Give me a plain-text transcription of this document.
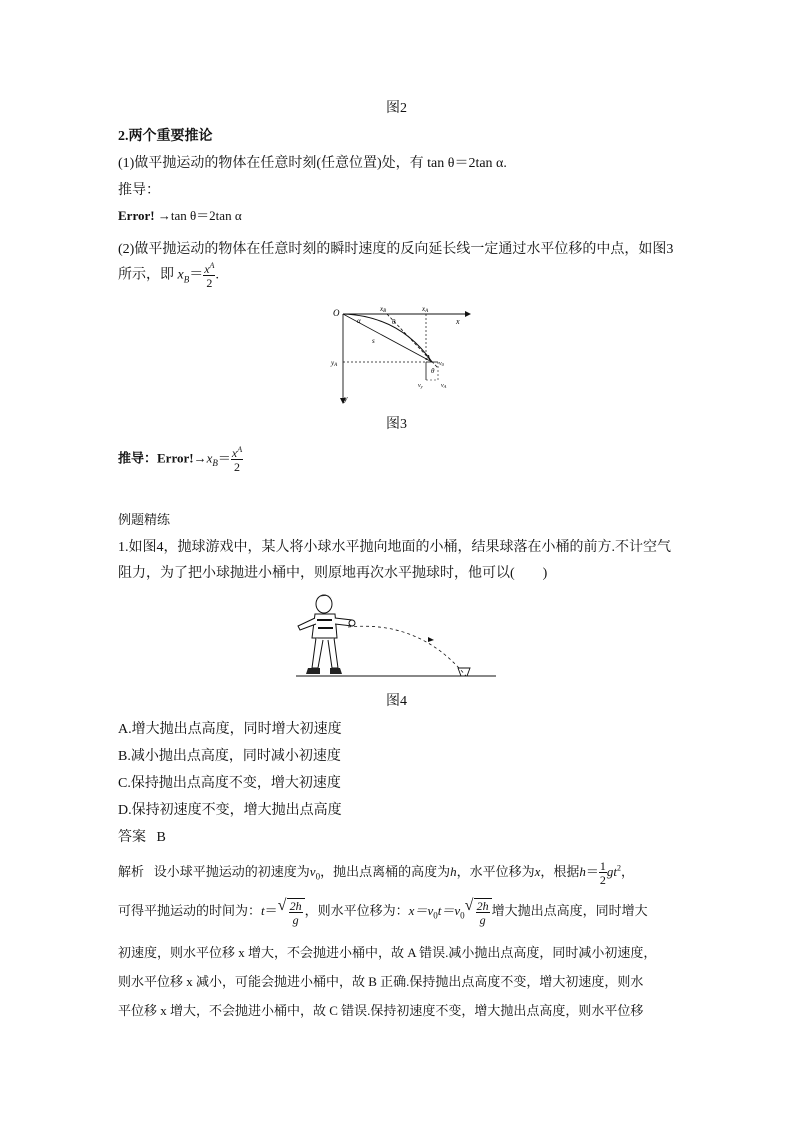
图2
2.两个重要推论
(1)做平抛运动的物体在任意时刻(任意位置)处，有 tan θ＝2tan α.
推导：
Error! →tan θ＝2tan α
(2)做平抛运动的物体在任意时刻的瞬时速度的反向延长线一定通过水平位移的中点，如图3
所示，即 $x_B= \frac{x^A}{2}$ .
O	xB	xA
x
α	θ
s
A
v0
yA
y
θ
vy	vA
图3
推导：$Error!\to x_B= \frac{x^A}{2}$
例题精练
1.如图4，抛球游戏中，某人将小球水平抛向地面的小桶，结果球落在小桶的前方.不计空气
阻力，为了把小球抛进小桶中，则原地再次水平抛球时，他可以(　　)
图4
A.增大抛出点高度，同时增大初速度
B.减小抛出点高度，同时减小初速度
C.保持抛出点高度不变，增大初速度
D.保持初速度不变，增大抛出点高度
答案 B
解析 设小球平抛运动的初速度为$v_0$，抛出点离桶的高度为h，水平位移为x，根据$h= \frac{1}{2} gt^2$，
可得平抛运动的时间为：t＝ √ $\frac{2h}{g}$ ，则水平位移为：$x=v_0t=v_0$
√ $\frac{2h}{g}$ 增大抛出点高度，同时增大
初速度，则水平位移 x 增大，不会抛进小桶中，故 A 错误.减小抛出点高度，同时减小初速度，
则水平位移 x 减小，可能会抛进小桶中，故 B 正确.保持抛出点高度不变，增大初速度，则水
平位移 x 增大，不会抛进小桶中，故 C 错误.保持初速度不变，增大抛出点高度，则水平位移
